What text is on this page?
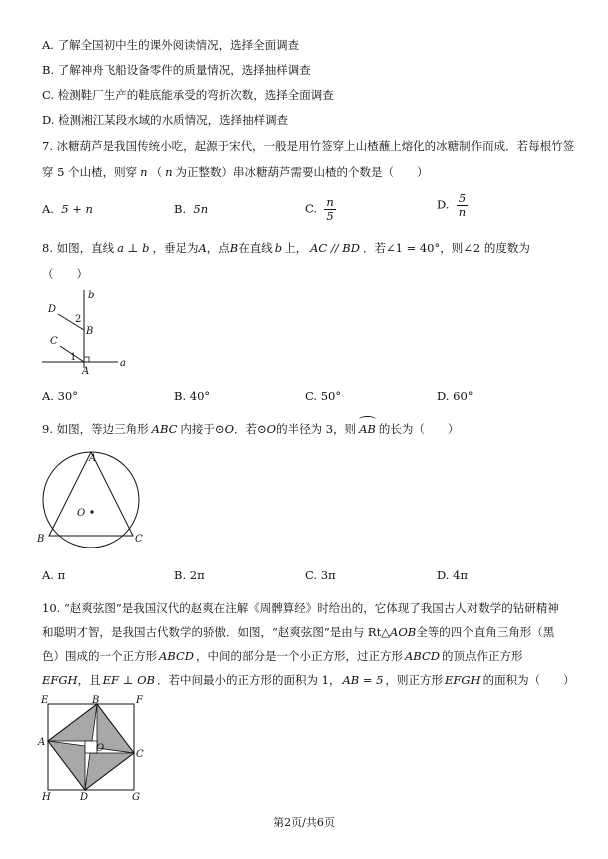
A. 了解全国初中生的课外阅读情况，选择全面调查
B. 了解神舟飞船设备零件的质量情况，选择抽样调查
C. 检测鞋厂生产的鞋底能承受的弯折次数，选择全面调查
D. 检测湘江某段水域的水质情况，选择抽样调查
7. 冰糖葫芦是我国传统小吃，起源于宋代，一般是用竹签穿上山楂蘸上熔化的冰糖制作而成．若每根竹签
穿 5 个山楂，则穿 n （ n 为正整数）串冰糖葫芦需要山楂的个数是（　　）
A. 5 + n	B. 5n	C. $\frac{n}{5}$	D. $\frac{5}{n}$
8. 如图，直线 a ⊥ b ，垂足为A，点B在直线 b 上， AC // BD ．若∠1 = 40°，则∠2 的度数为
（　　）
b
D
2
B
C
1
A
a
A. 30°	B. 40°	C. 50°	D. 60°
9. 如图，等边三角形 ABC 内接于⊙O．若⊙O的半径为 3，则 AB 的长为（　　）
A
B	C
O
A. π	B. 2π	C. 3π	D. 4π
10. “赵爽弦图”是我国汉代的赵爽在注解《周髀算经》时给出的，它体现了我国古人对数学的钻研精神
和聪明才智，是我国古代数学的骄傲．如图，“赵爽弦图”是由与 Rt△AOB全等的四个直角三角形（黑
色）围成的一个正方形 ABCD ，中间的部分是一个小正方形，过正方形 ABCD 的顶点作正方形
EFGH，且 EF ⊥ OB ．若中间最小的正方形的面积为 1， AB = 5 ，则正方形 EFGH 的面积为（　　）
E	B	F
A
O
C
H	D	G
第2页/共6页
